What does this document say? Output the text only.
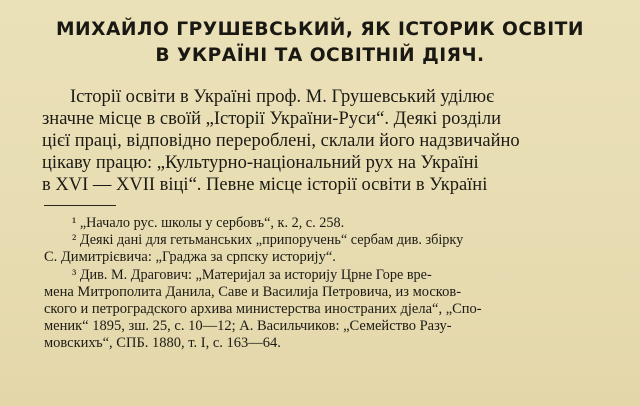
МИХАЙЛО ГРУШЕВСЬКИЙ, ЯК ІСТОРИК ОСВІТИ
В УКРАЇНІ ТА ОСВІТНІЙ ДІЯЧ.
Історії освіти в Україні проф. М. Грушевський уділює
значне місце в своїй „Історії України-Руси“. Деякі розділи
цієї праці, відповідно перероблені, склали його надзвичайно
цікаву працю: „Культурно-національний рух на Україні
в XVI — XVII віці“. Певне місце історії освіти в Україні
¹ „Начало рус. школы у сербовъ“, к. 2, с. 258.
² Деякі дані для гетьманських „припоручень“ сербам див. збірку
С. Димитрієвича: „Граджа за српску историју“.
³ Див. М. Драгович: „Материјал за историју Црне Горе вре-
мена Митрополита Данила, Саве и Василија Петровича, из москов-
ского и петроградского архива министерства иностраних дјела“, „Спо-
меник“ 1895, зш. 25, с. 10—12; А. Васильчиков: „Семейство Разу-
мовскихъ“, СПБ. 1880, т. І, с. 163—64.
